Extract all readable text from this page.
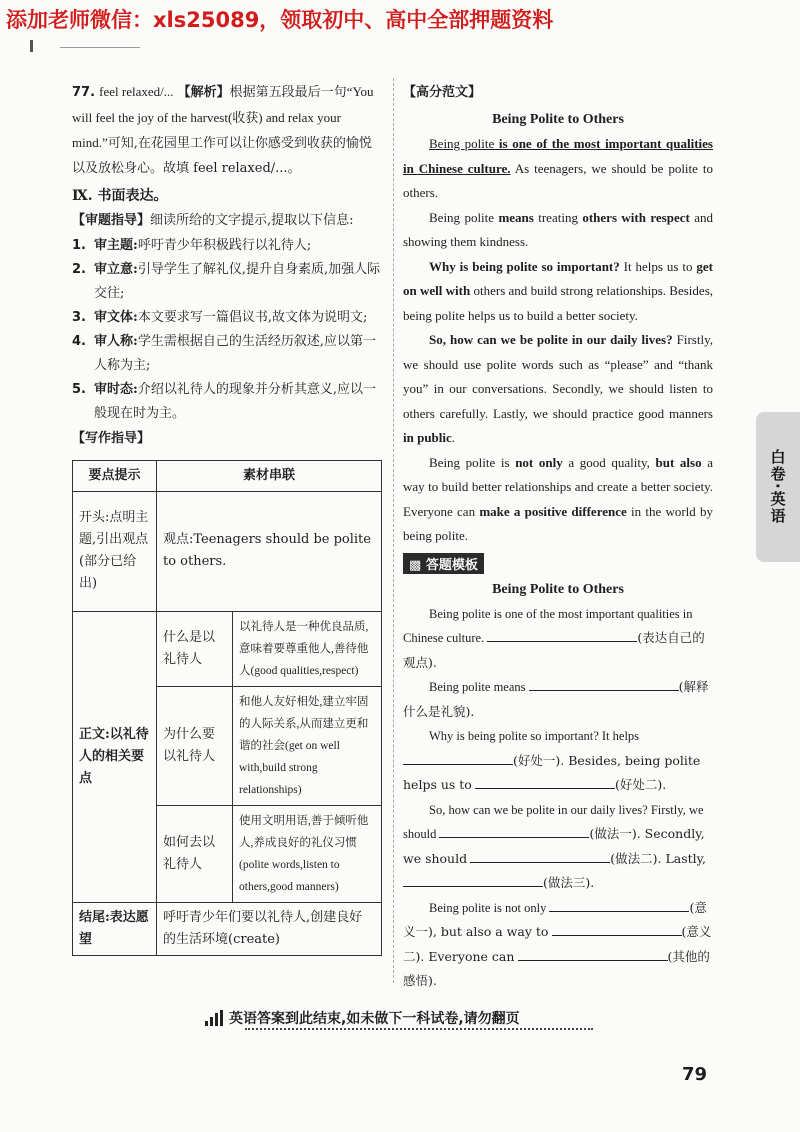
添加老师微信：xls25089，领取初中、高中全部押题资料
77. feel relaxed/... 【解析】根据第五段最后一句“You will feel the joy of the harvest(收获) and relax your mind.”可知,在花园里工作可以让你感受到收获的愉悦以及放松身心。故填 feel relaxed/...。
Ⅸ. 书面表达。
【审题指导】细读所给的文字提示,提取以下信息:
1. 审主题:呼吁青少年积极践行以礼待人;
2. 审立意:引导学生了解礼仪,提升自身素质,加强人际交往;
3. 审文体:本文要求写一篇倡议书,故文体为说明文;
4. 审人称:学生需根据自己的生活经历叙述,应以第一人称为主;
5. 审时态:介绍以礼待人的现象并分析其意义,应以一般现在时为主。
【写作指导】
要点提示	素材串联	
开头:点明主题,引出观点(部分已给出)	观点:Teenagers should be polite to others.	
正文:以礼待人的相关要点	什么是以礼待人	以礼待人是一种优良品质,意味着要尊重他人,善待他人(good qualities,respect)
	为什么要以礼待人	和他人友好相处,建立牢固的人际关系,从而建立更和谐的社会(get on well with,build strong relationships)
	如何去以礼待人	使用文明用语,善于倾听他人,养成良好的礼仪习惯(polite words,listen to others,good manners)
结尾:表达愿望	呼吁青少年们要以礼待人,创建良好的生活环境(create)	
【高分范文】
Being Polite to Others

Being polite is one of the most important qualities in Chinese culture. As teenagers, we should be polite to others.

Being polite means treating others with respect and showing them kindness.

Why is being polite so important? It helps us to get on well with others and build strong relationships. Besides, being polite helps us to build a better society.

So, how can we be polite in our daily lives? Firstly, we should use polite words such as “please” and “thank you” in our conversations. Secondly, we should listen to others carefully. Lastly, we should practice good manners in public.

Being polite is not only a good quality, but also a way to build better relationships and create a better society. Everyone can make a positive difference in the world by being polite.

▩ 答题模板
Being Polite to Others

Being polite is one of the most important qualities in Chinese culture.	(表达自己的观点).

Being polite means	(解释什么是礼貌).

Why is being polite so important? It helps (好处一). Besides, being polite helps us to	(好处二).

So, how can we be polite in our daily lives? Firstly, we should	(做法一). Secondly, we should	(做法二). Lastly, (做法三).

Being polite is not only	(意义一), but also a way to	(意义二). Everyone can	(其他的感悟).

白卷·英语
英语答案到此结束,如未做下一科试卷,请勿翻页
79
